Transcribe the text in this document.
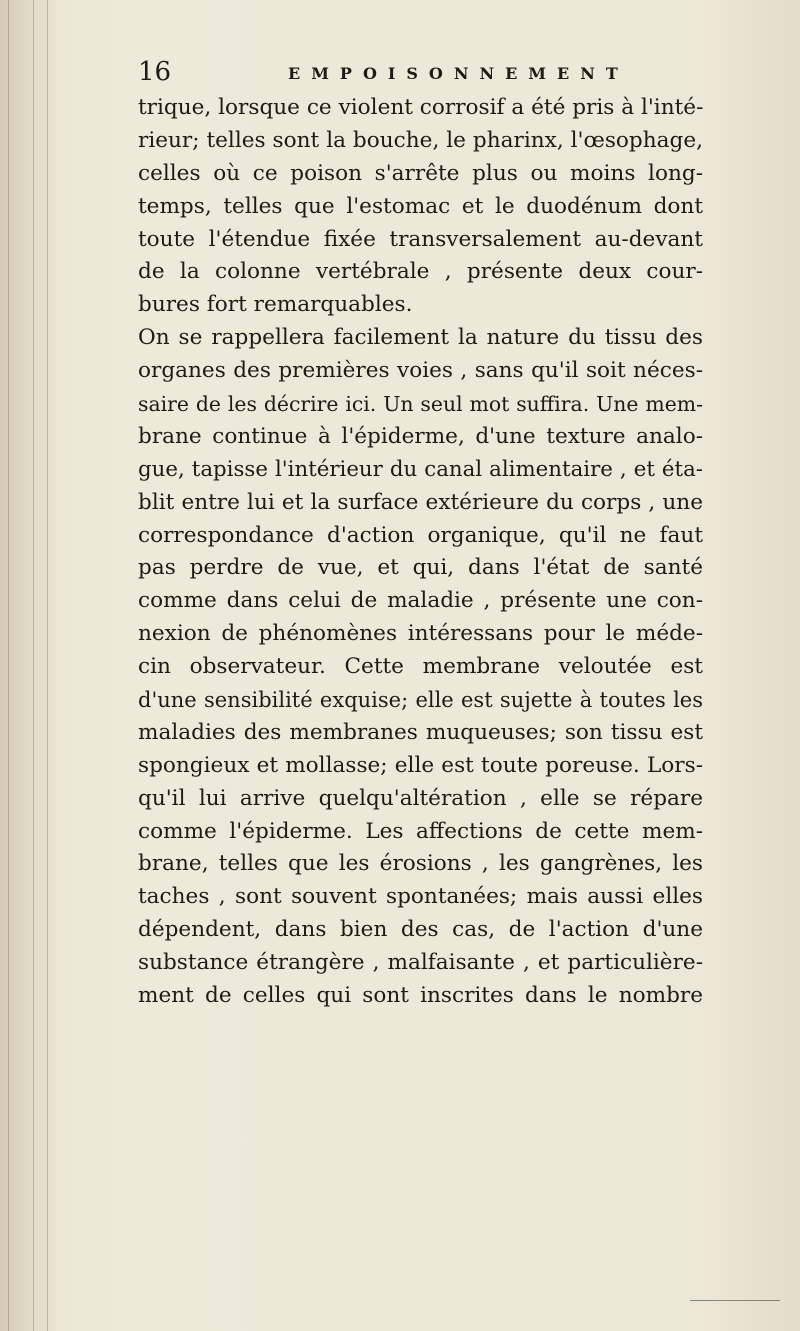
16	EMPOISONNEMENT
trique, lorsque ce violent corrosif a été pris à l'inté-
rieur; telles sont la bouche, le pharinx, l'œsophage,
celles où ce poison s'arrête plus ou moins long-
temps, telles que l'estomac et le duodénum dont
toute l'étendue fixée transversalement au-devant
de la colonne vertébrale , présente deux cour-
bures fort remarquables.
On se rappellera facilement la nature du tissu des
organes des premières voies , sans qu'il soit néces-
saire de les décrire ici. Un seul mot suffira. Une mem-
brane continue à l'épiderme, d'une texture analo-
gue, tapisse l'intérieur du canal alimentaire , et éta-
blit entre lui et la surface extérieure du corps , une
correspondance d'action organique, qu'il ne faut
pas perdre de vue, et qui, dans l'état de santé
comme dans celui de maladie , présente une con-
nexion de phénomènes intéressans pour le méde-
cin observateur. Cette membrane veloutée est
d'une sensibilité exquise; elle est sujette à toutes les
maladies des membranes muqueuses; son tissu est
spongieux et mollasse; elle est toute poreuse. Lors-
qu'il lui arrive quelqu'altération , elle se répare
comme l'épiderme. Les affections de cette mem-
brane, telles que les érosions , les gangrènes, les
taches , sont souvent spontanées; mais aussi elles
dépendent, dans bien des cas, de l'action d'une
substance étrangère , malfaisante , et particulière-
ment de celles qui sont inscrites dans le nombre
